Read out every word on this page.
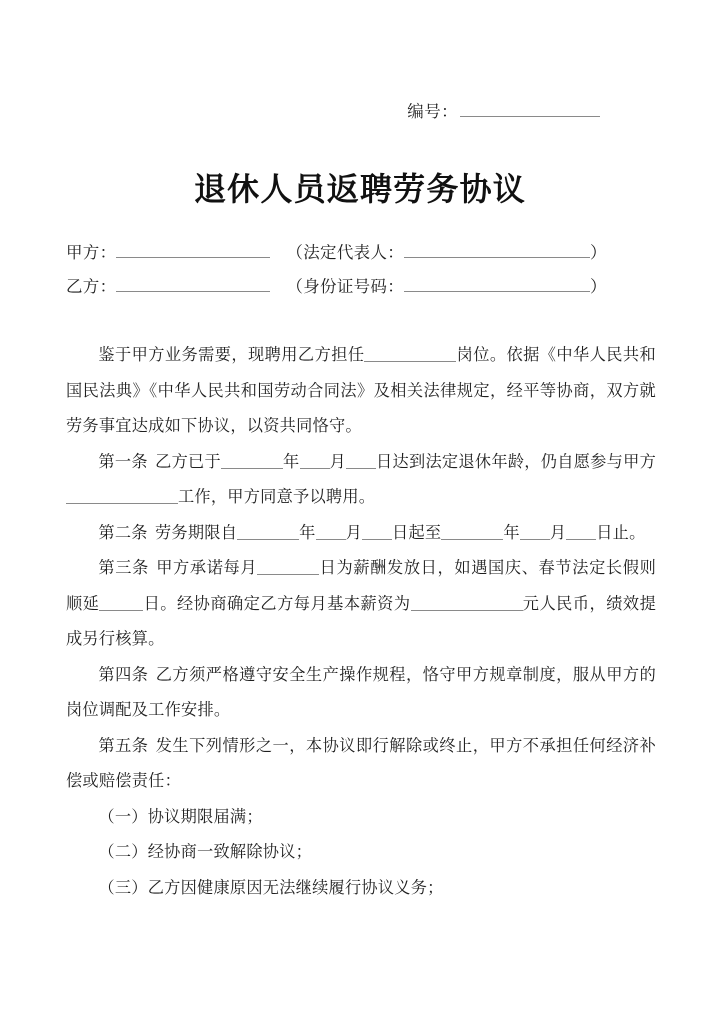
编号：
退休人员返聘劳务协议
甲方：	（ 法定代表人：	）
乙方：	（ 身份证号码：	）

鉴于甲方业务需要，现聘用乙方担任	岗位。依据《中华人民共和国民法典》《中华人民共和国劳动合同法》及相关法律规定，经平等协商，双方就劳务事宜达成如下协议，以资共同恪守。

第一条 乙方已于	年 月 日达到法定退休年龄，仍自愿参与甲方工作，甲方同意予以聘用。

第二条 劳务期限自	年 月 日起至	年 月 日止。

第三条 甲方承诺每月	日为薪酬发放日，如遇国庆、春节法定长假则顺延	日。经协商确定乙方每月基本薪资为	元人民币，绩效提成另行核算。

第四条 乙方须严格遵守安全生产操作规程，恪守甲方规章制度，服从甲方的岗位调配及工作安排。

第五条 发生下列情形之一，本协议即行解除或终止，甲方不承担任何经济补偿或赔偿责任：

（一）协议期限届满；

（二）经协商一致解除协议；

（三）乙方因健康原因无法继续履行协议义务；
